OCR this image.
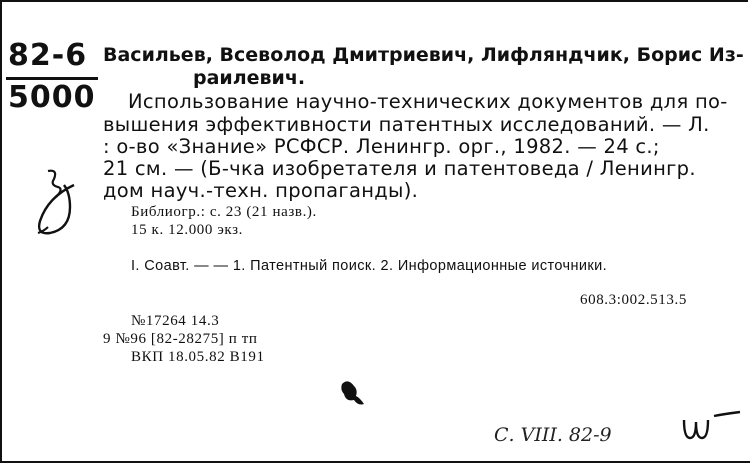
82-6
5000
Васильев, Всеволод Дмитриевич, Лифляндчик, Борис Из-
раилевич.
Использование научно-технических документов для по-
вышения эффективности патентных исследований. — Л.
: о-во «Знание» РСФСР. Ленингр. орг., 1982. — 24 с.;
21 см. — (Б-чка изобретателя и патентоведа / Ленингр.
дом науч.-техн. пропаганды).
Библиогр.: с. 23 (21 назв.).
15 к. 12.000 экз.
I. Соавт. — — 1. Патентный поиск. 2. Информационные источники.
608.3:002.513.5
№17264 14.3
9 №96 [82-28275] п тп
ВКП 18.05.82 В191
С. VIII. 82-9
